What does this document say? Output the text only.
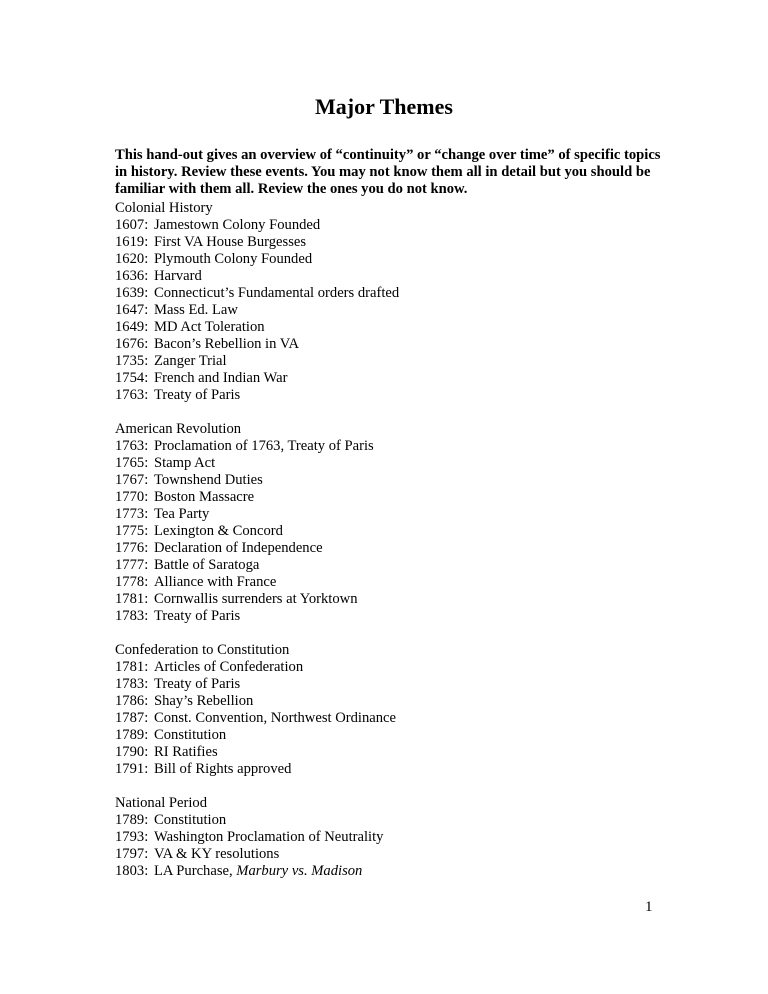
Major Themes
This hand-out gives an overview of “continuity” or “change over time” of specific topics in history. Review these events. You may not know them all in detail but you should be familiar with them all. Review the ones you do not know.
Colonial History
1607: Jamestown Colony Founded
1619: First VA House Burgesses
1620: Plymouth Colony Founded
1636: Harvard
1639: Connecticut’s Fundamental orders drafted
1647: Mass Ed. Law
1649: MD Act Toleration
1676: Bacon’s Rebellion in VA
1735: Zanger Trial
1754: French and Indian War
1763: Treaty of Paris
American Revolution
1763: Proclamation of 1763, Treaty of Paris
1765: Stamp Act
1767: Townshend Duties
1770: Boston Massacre
1773: Tea Party
1775: Lexington & Concord
1776: Declaration of Independence
1777: Battle of Saratoga
1778: Alliance with France
1781: Cornwallis surrenders at Yorktown
1783: Treaty of Paris
Confederation to Constitution
1781: Articles of Confederation
1783: Treaty of Paris
1786: Shay’s Rebellion
1787: Const. Convention, Northwest Ordinance
1789: Constitution
1790: RI Ratifies
1791: Bill of Rights approved
National Period
1789: Constitution
1793: Washington Proclamation of Neutrality
1797: VA & KY resolutions
1803: LA Purchase, Marbury vs. Madison
1
